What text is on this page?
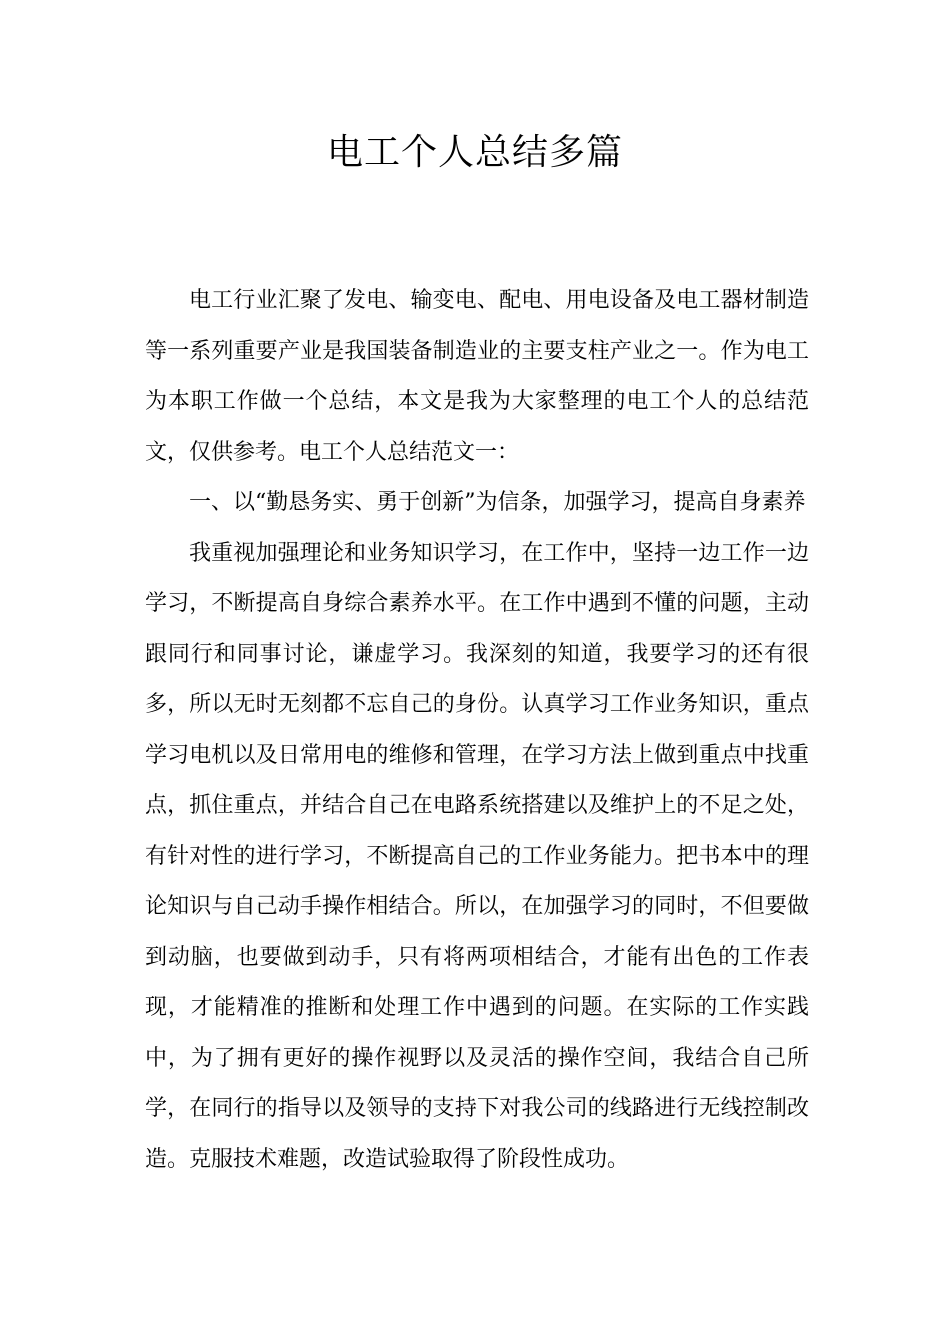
电工个人总结多篇

电工行业汇聚了发电、输变电、配电、用电设备及电工器材制造等一系列重要产业是我国装备制造业的主要支柱产业之一。作为电工为本职工作做一个总结，本文是我为大家整理的电工个人的总结范文，仅供参考。电工个人总结范文一：

一、以“勤恳务实、勇于创新”为信条，加强学习，提高自身素养

我重视加强理论和业务知识学习，在工作中，坚持一边工作一边学习，不断提高自身综合素养水平。在工作中遇到不懂的问题，主动跟同行和同事讨论，谦虚学习。我深刻的知道，我要学习的还有很多，所以无时无刻都不忘自己的身份。认真学习工作业务知识，重点学习电机以及日常用电的维修和管理，在学习方法上做到重点中找重点，抓住重点，并结合自己在电路系统搭建以及维护上的不足之处，有针对性的进行学习，不断提高自己的工作业务能力。把书本中的理论知识与自己动手操作相结合。所以，在加强学习的同时，不但要做到动脑，也要做到动手，只有将两项相结合，才能有出色的工作表现，才能精准的推断和处理工作中遇到的问题。在实际的工作实践中，为了拥有更好的操作视野以及灵活的操作空间，我结合自己所学，在同行的指导以及领导的支持下对我公司的线路进行无线控制改造。克服技术难题，改造试验取得了阶段性成功。
